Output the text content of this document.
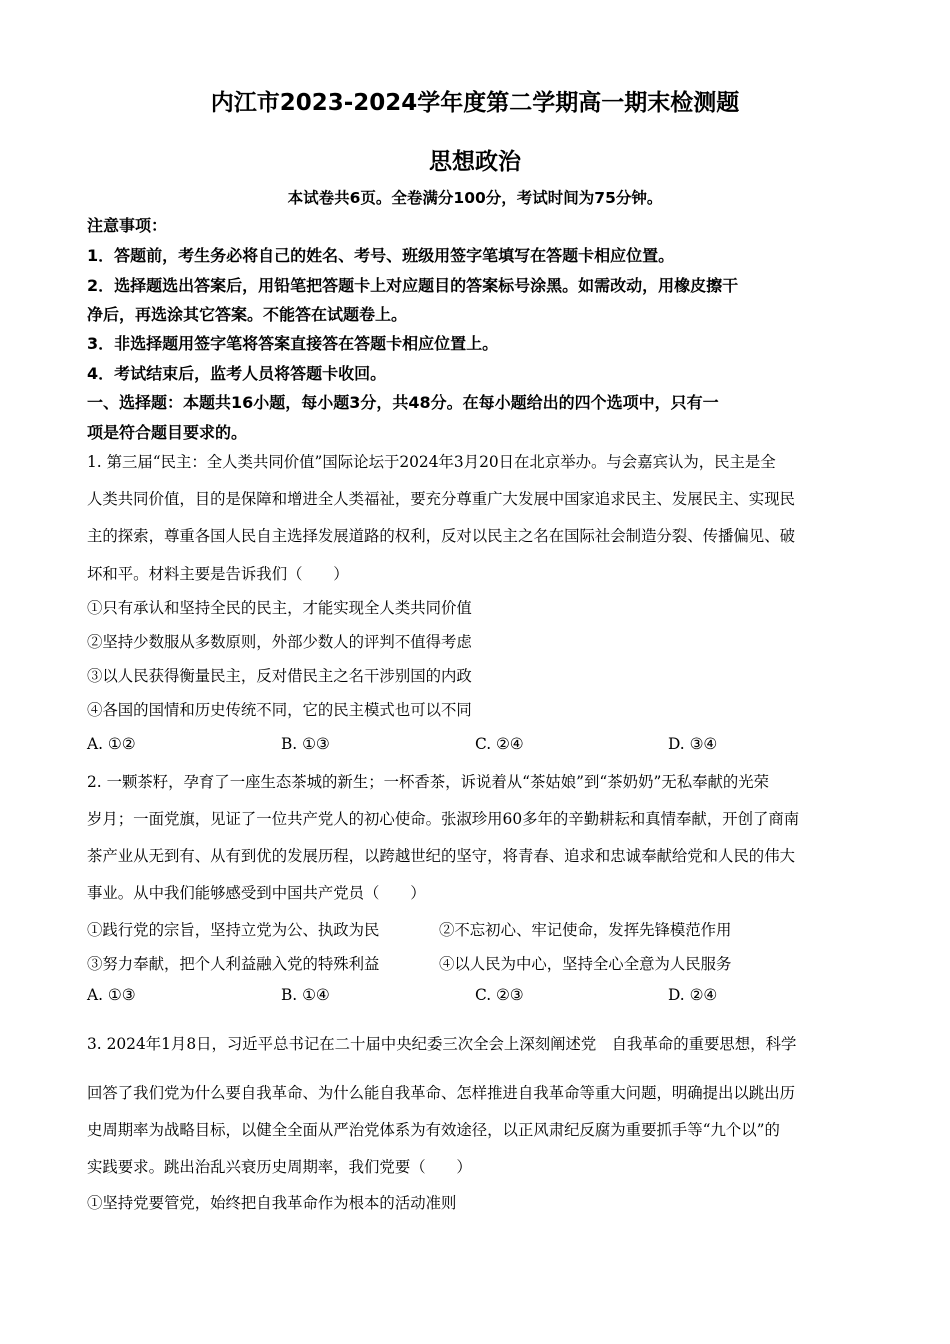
内江市2023-2024学年度第二学期高一期末检测题
思想政治
本试卷共6页。全卷满分100分，考试时间为75分钟。
注意事项：
1．答题前，考生务必将自己的姓名、考号、班级用签字笔填写在答题卡相应位置。
2．选择题选出答案后，用铅笔把答题卡上对应题目的答案标号涂黑。如需改动，用橡皮擦干
净后，再选涂其它答案。不能答在试题卷上。
3．非选择题用签字笔将答案直接答在答题卡相应位置上。
4．考试结束后，监考人员将答题卡收回。
一、选择题：本题共16小题，每小题3分，共48分。在每小题给出的四个选项中，只有一
项是符合题目要求的。
1. 第三届“民主：全人类共同价值”国际论坛于2024年3月20日在北京举办。与会嘉宾认为，民主是全
人类共同价值，目的是保障和增进全人类福祉，要充分尊重广大发展中国家追求民主、发展民主、实现民
主的探索，尊重各国人民自主选择发展道路的权利，反对以民主之名在国际社会制造分裂、传播偏见、破
坏和平。材料主要是告诉我们（　　）
①只有承认和坚持全民的民主，才能实现全人类共同价值
②坚持少数服从多数原则，外部少数人的评判不值得考虑
③以人民获得衡量民主，反对借民主之名干涉别国的内政
④各国的国情和历史传统不同，它的民主模式也可以不同
A. ①②	B. ①③	C. ②④	D. ③④
2. 一颗茶籽，孕育了一座生态茶城的新生；一杯香茶，诉说着从“茶姑娘”到“茶奶奶”无私奉献的光荣
岁月；一面党旗，见证了一位共产党人的初心使命。张淑珍用60多年的辛勤耕耘和真情奉献，开创了商南
茶产业从无到有、从有到优的发展历程，以跨越世纪的坚守，将青春、追求和忠诚奉献给党和人民的伟大
事业。从中我们能够感受到中国共产党员（　　）
①践行党的宗旨，坚持立党为公、执政为民	②不忘初心、牢记使命，发挥先锋模范作用
③努力奉献，把个人利益融入党的特殊利益	④以人民为中心，坚持全心全意为人民服务
A. ①③	B. ①④	C. ②③	D. ②④
3. 2024年1月8日，习近平总书记在二十届中央纪委三次全会上深刻阐述党　自我革命的重要思想，科学
回答了我们党为什么要自我革命、为什么能自我革命、怎样推进自我革命等重大问题，明确提出以跳出历
史周期率为战略目标，以健全全面从严治党体系为有效途径，以正风肃纪反腐为重要抓手等“九个以”的
实践要求。跳出治乱兴衰历史周期率，我们党要（　　）
①坚持党要管党，始终把自我革命作为根本的活动准则
